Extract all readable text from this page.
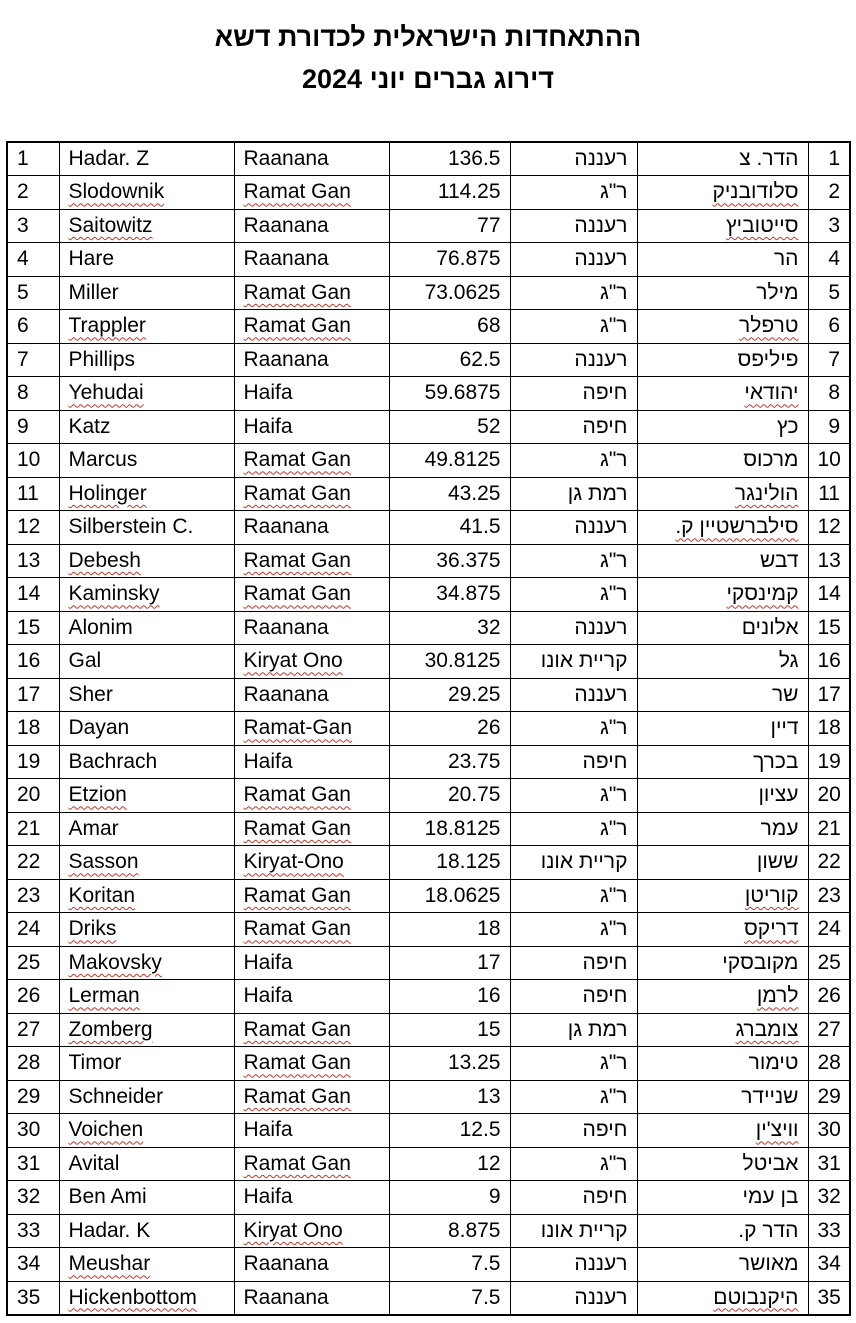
ההתאחדות הישראלית לכדורת דשא
דירוג גברים יוני 2024
1	Hadar. Z	Raanana	136.5	רעננה	הדר. צ	1
2	Slodownik	Ramat Gan	114.25	ר"ג	סלודובניק	2
3	Saitowitz	Raanana	77	רעננה	סייטוביץ	3
4	Hare	Raanana	76.875	רעננה	הר	4
5	Miller	Ramat Gan	73.0625	ר"ג	מילר	5
6	Trappler	Ramat Gan	68	ר"ג	טרפלר	6
7	Phillips	Raanana	62.5	רעננה	פיליפס	7
8	Yehudai	Haifa	59.6875	חיפה	יהודאי	8
9	Katz	Haifa	52	חיפה	כץ	9
10	Marcus	Ramat Gan	49.8125	ר"ג	מרכוס	10
11	Holinger	Ramat Gan	43.25	רמת גן	הולינגר	11
12	Silberstein C.	Raanana	41.5	רעננה	סילברשטיין ק.	12
13	Debesh	Ramat Gan	36.375	ר"ג	דבש	13
14	Kaminsky	Ramat Gan	34.875	ר"ג	קמינסקי	14
15	Alonim	Raanana	32	רעננה	אלונים	15
16	Gal	Kiryat Ono	30.8125	קריית אונו	גל	16
17	Sher	Raanana	29.25	רעננה	שר	17
18	Dayan	Ramat-Gan	26	ר"ג	דיין	18
19	Bachrach	Haifa	23.75	חיפה	בכרך	19
20	Etzion	Ramat Gan	20.75	ר"ג	עציון	20
21	Amar	Ramat Gan	18.8125	ר"ג	עמר	21
22	Sasson	Kiryat-Ono	18.125	קריית אונו	ששון	22
23	Koritan	Ramat Gan	18.0625	ר"ג	קוריטן	23
24	Driks	Ramat Gan	18	ר"ג	דריקס	24
25	Makovsky	Haifa	17	חיפה	מקובסקי	25
26	Lerman	Haifa	16	חיפה	לרמן	26
27	Zomberg	Ramat Gan	15	רמת גן	צומברג	27
28	Timor	Ramat Gan	13.25	ר"ג	טימור	28
29	Schneider	Ramat Gan	13	ר"ג	שניידר	29
30	Voichen	Haifa	12.5	חיפה	וויצ'ין	30
31	Avital	Ramat Gan	12	ר"ג	אביטל	31
32	Ben Ami	Haifa	9	חיפה	בן עמי	32
33	Hadar. K	Kiryat Ono	8.875	קריית אונו	הדר ק.	33
34	Meushar	Raanana	7.5	רעננה	מאושר	34
35	Hickenbottom	Raanana	7.5	רעננה	היקנבוטם	35
